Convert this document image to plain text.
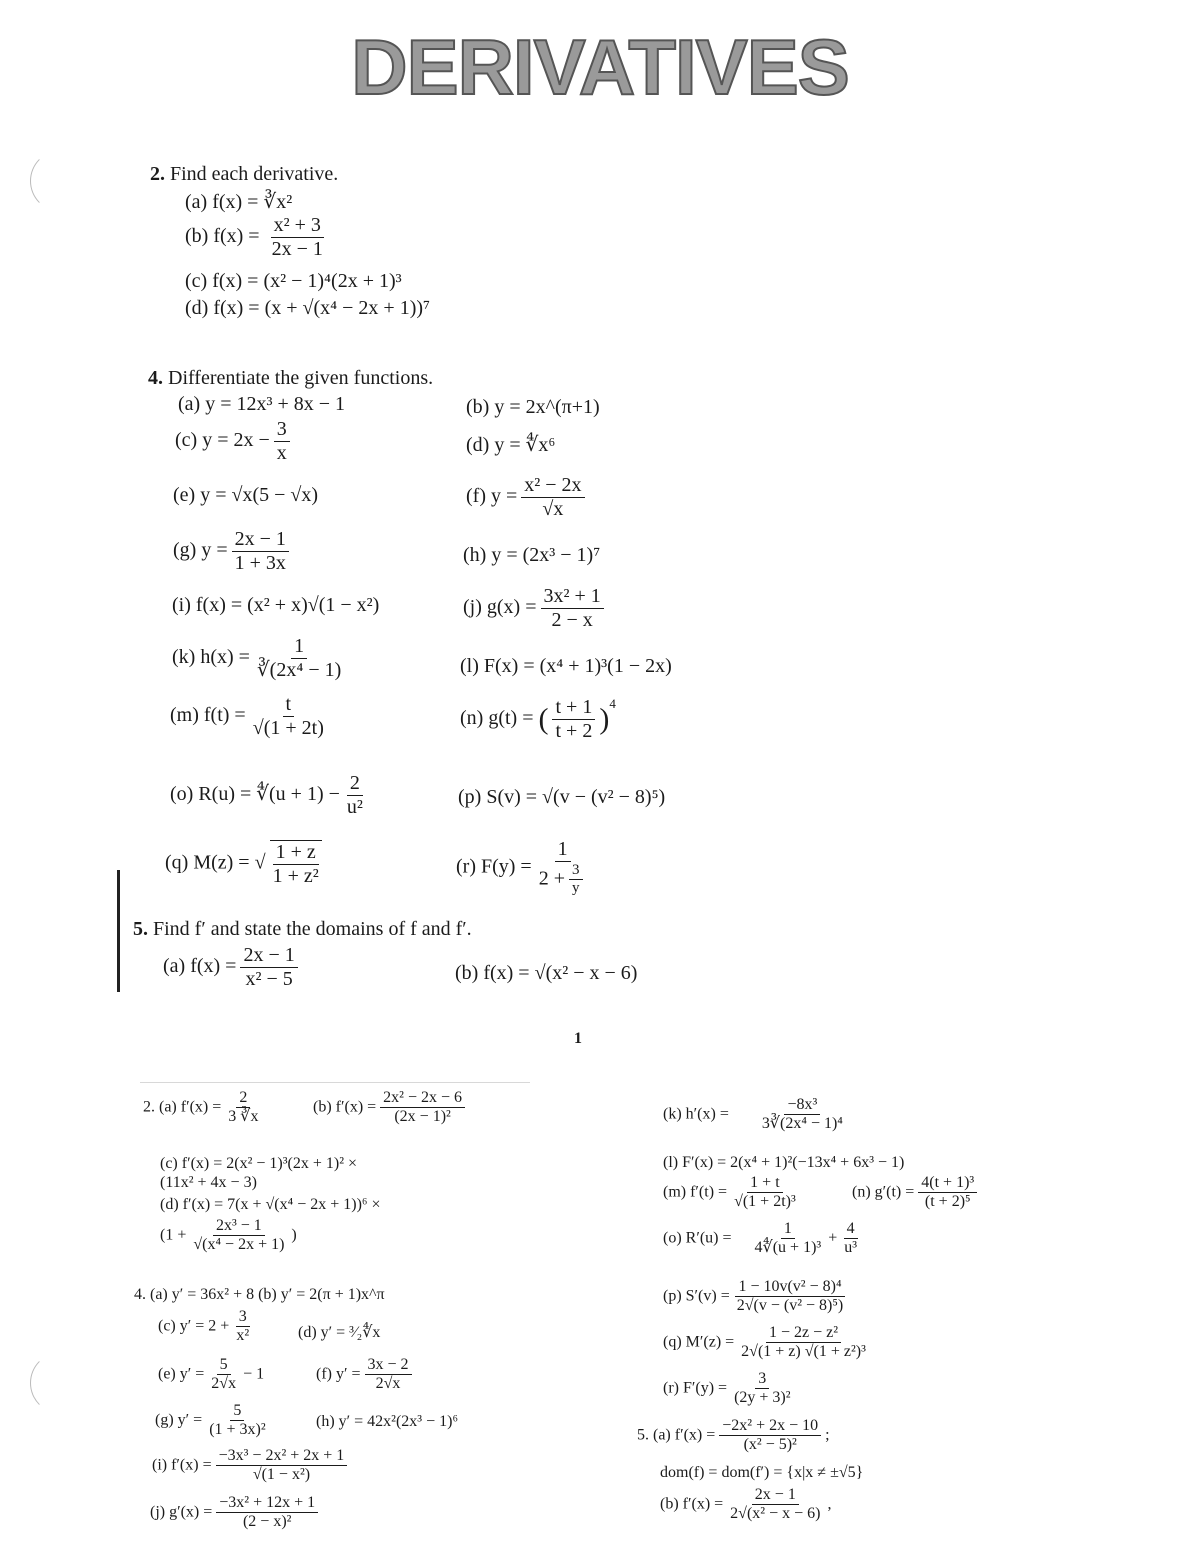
DERIVATIVES
2. Find each derivative.
(a) f(x) = ∛x²
(b) $f(x) = \frac{\text{x² + 3}}{2x - 1}$
(c) f(x) = (x² − 1)⁴(2x + 1)³
(d) f(x) = (x + √(x⁴ − 2x + 1))⁷
4. Differentiate the given functions.
(a) y = 12x³ + 8x − 1	(b) y = 2x^(π+1)
(c) $y = 2x - \frac{3}{x}$	(d) y = ∜x⁶
(e) y = √x(5 − √x)	(f) $y = \frac{\text{x² − 2x}}{√x}$
(g) $y = \frac{2x - 1}{1 + 3x}$	(h) y = (2x³ − 1)⁷
(i) f(x) = (x² + x)√(1 − x²)	(j) $g(x) = \frac{\text{3x² + 1}}{2 - x}$
(k) $h(x) = \frac{1}{\text{∛(2x⁴ − 1)}}$	(l) F(x) = (x⁴ + 1)³(1 − 2x)
(m) $f(t) = \frac{t}{√(1 + 2t)}$	(n) g(t) = ( $\frac{t + 1}{t + 2} )^4$
(o) R(u) = ∜(u + $1) - \frac{2}{\text{u²}}$	(p) S(v) = √(v − (v² − 8)⁵)
(q) M(z) = √ $\frac{1 + z}{\text{1 + z²}}$	(r) $F(y) = \frac{1}{2 + \frac{3}{y}}$
5. Find f′ and state the domains of f and f′.
(a) $f(x) = \frac{2x - 1}{\text{x² − 5}}$	(b) f(x) = √(x² − x − 6)
1
2. (a) $f'(x) = \frac{2}{3 ∛x}$	(b) $f'(x) = \frac{\text{2x² − 2x − 6}}{\text{(2x − 1)²}}$
(c) f′(x) = 2(x² − 1)³(2x + 1)² ×
(11x² + 4x − 3)
(d) f′(x) = 7(x + √(x⁴ − 2x + 1))⁶ ×
($1 + \frac{\text{2x³ − 1}}{\text{√(x⁴ − 2x + 1)}}$ )
4. (a) y′ = 36x² + 8 (b) y′ = 2(π + 1)x^π
(c) $y' = 2 + \frac{3}{\text{x²}}$	(d) y′ = ³⁄₂∜x
(e) $y' = \frac{5}{2√x} - 1$	(f) $y' = \frac{3x - 2}{2√x}$
(g) $y' = \frac{5}{\text{(1 + 3x)²}}$	(h) y′ = 42x²(2x³ − 1)⁶
(i) $f'(x) = \frac{\text{−3x³ − 2x² + 2x + 1}}{\text{√(1 − x²)}}$
(j) $g'(x) = \frac{\text{−3x² + 12x + 1}}{\text{(2 − x)²}}$
(k) $h'(x) = \frac{\text{−8x³}}{\text{3∛(2x⁴ − 1)⁴}}$
(l) F′(x) = 2(x⁴ + 1)²(−13x⁴ + 6x³ − 1)
(m) $f'(t) = \frac{1 + t}{\text{√(1 + 2t)³}}$	(n) $g'(t) = \frac{\text{4(t + 1)³}}{\text{(t + 2)⁵}}$
(o) $R'(u) = \frac{1}{\text{4∜(u + 1)³}} + \frac{4}{\text{u³}}$
(p) $S'(v) = \frac{\text{1 − 10v(v² − 8)⁴}}{\text{2√(v − (v² − 8)⁵)}}$
(q) $M'(z) = \frac{\text{1 − 2z − z²}}{\text{2√(1 + z) √(1 + z²)³}}$
(r) $F'(y) = \frac{3}{\text{(2y + 3)²}}$
5. (a) $f'(x) = \frac{\text{−2x² + 2x − 10}}{\text{(x² − 5)²}}$ ;
dom(f) = dom(f′) = {x|x ≠ ±√5}
(b) $f'(x) = \frac{2x - 1}{\text{2√(x² − x − 6)}}$ ,
